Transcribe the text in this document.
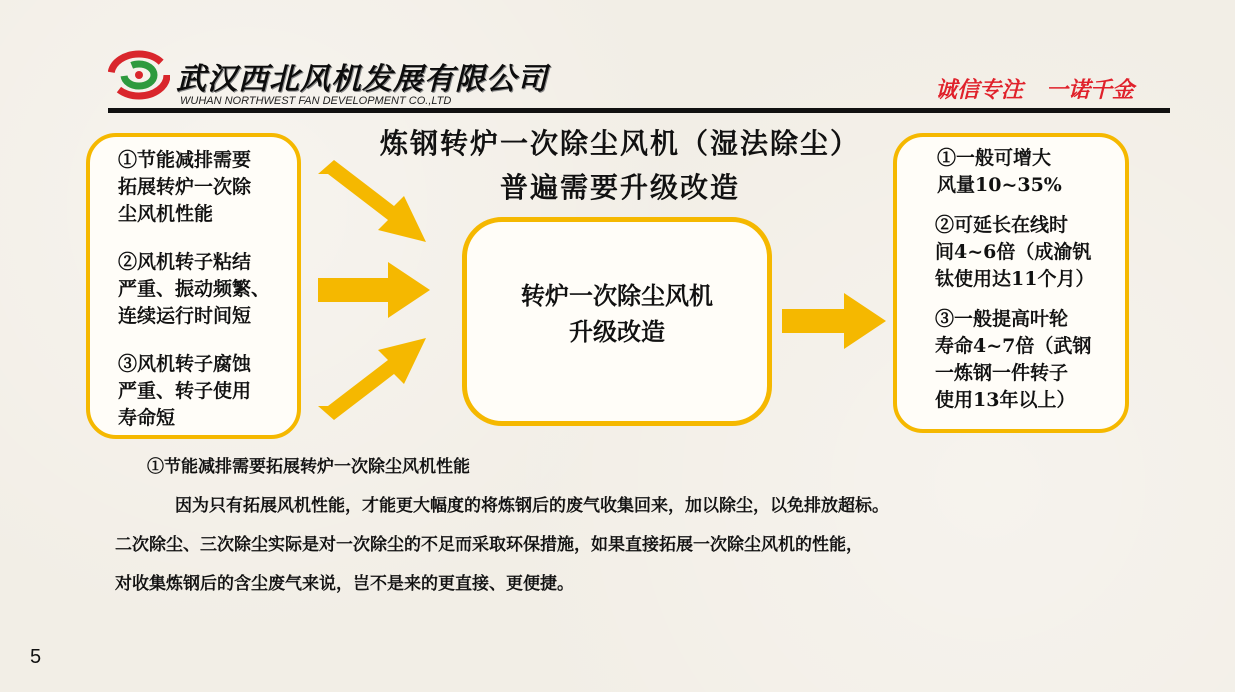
武汉西北风机发展有限公司
WUHAN NORTHWEST FAN DEVELOPMENT CO.,LTD	诚信专注   一诺千金
炼钢转炉一次除尘风机（湿法除尘）
普遍需要升级改造
①节能减排需要
拓展转炉一次除
尘风机性能
②风机转子粘结
严重、振动频繁、
连续运行时间短
③风机转子腐蚀
严重、转子使用
寿命短
转炉一次除尘风机
升级改造
①一般可增大
风量10~35%
②可延长在线时
间4~6倍（成渝钒
钛使用达11个月）
③一般提高叶轮
寿命4~7倍（武钢
一炼钢一件转子
使用13年以上）
①节能减排需要拓展转炉一次除尘风机性能
因为只有拓展风机性能，才能更大幅度的将炼钢后的废气收集回来，加以除尘，以免排放超标。
二次除尘、三次除尘实际是对一次除尘的不足而采取环保措施，如果直接拓展一次除尘风机的性能，
对收集炼钢后的含尘废气来说，岂不是来的更直接、更便捷。
5
